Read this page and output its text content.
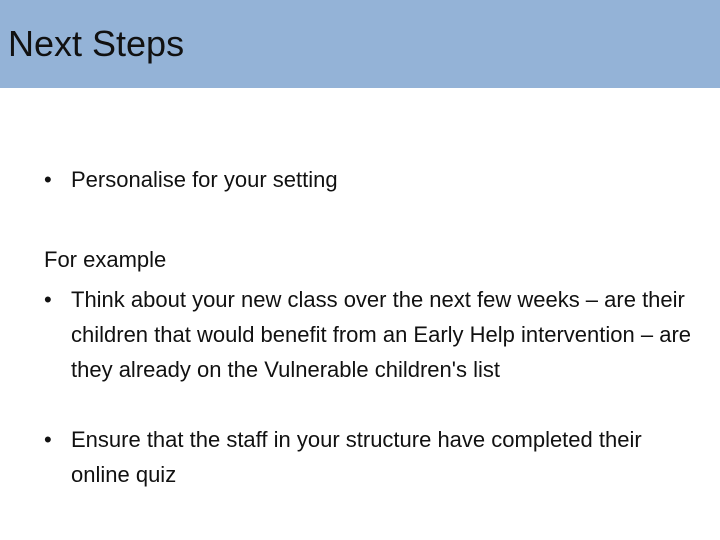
Next Steps
• Personalise for your setting
For example
• Think about your new class over the next few weeks – are their children that would benefit from an Early Help intervention – are they already on the Vulnerable children's list
• Ensure that the staff in your structure have completed their online quiz
